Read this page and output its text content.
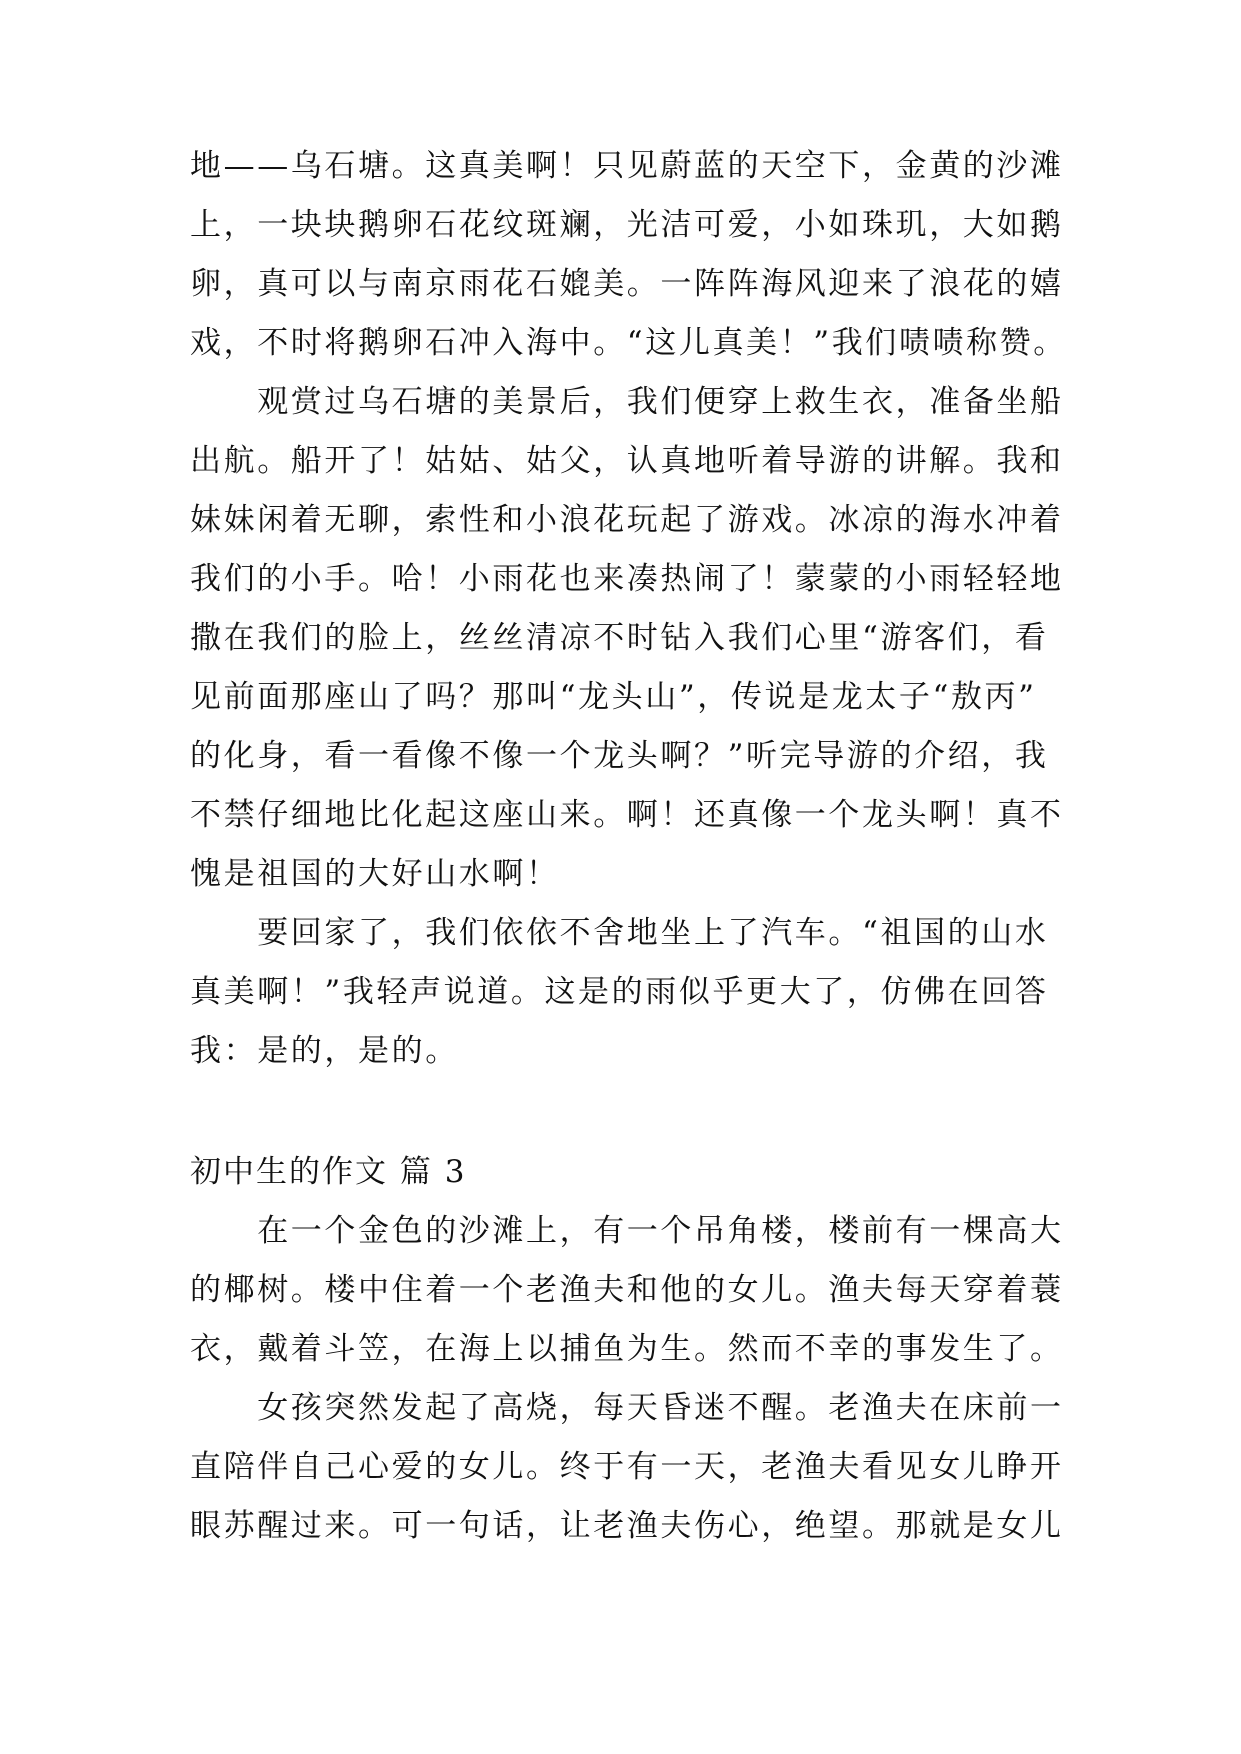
地——乌石塘。这真美啊！只见蔚蓝的天空下，金黄的沙滩
上，一块块鹅卵石花纹斑斓，光洁可爱，小如珠玑，大如鹅
卵，真可以与南京雨花石媲美。一阵阵海风迎来了浪花的嬉
戏，不时将鹅卵石冲入海中。“这儿真美！”我们啧啧称赞。
　　观赏过乌石塘的美景后，我们便穿上救生衣，准备坐船
出航。船开了！姑姑、姑父，认真地听着导游的讲解。我和
妹妹闲着无聊，索性和小浪花玩起了游戏。冰凉的海水冲着
我们的小手。哈！小雨花也来凑热闹了！蒙蒙的小雨轻轻地
撒在我们的脸上，丝丝清凉不时钻入我们心里“游客们，看
见前面那座山了吗？那叫“龙头山”，传说是龙太子“敖丙”
的化身，看一看像不像一个龙头啊？”听完导游的介绍，我
不禁仔细地比化起这座山来。啊！还真像一个龙头啊！真不
愧是祖国的大好山水啊！
　　要回家了，我们依依不舍地坐上了汽车。“祖国的山水
真美啊！”我轻声说道。这是的雨似乎更大了，仿佛在回答
我：是的，是的。
初中生的作文 篇 3
　　在一个金色的沙滩上，有一个吊角楼，楼前有一棵高大
的椰树。楼中住着一个老渔夫和他的女儿。渔夫每天穿着蓑
衣，戴着斗笠，在海上以捕鱼为生。然而不幸的事发生了。
　　女孩突然发起了高烧，每天昏迷不醒。老渔夫在床前一
直陪伴自己心爱的女儿。终于有一天，老渔夫看见女儿睁开
眼苏醒过来。可一句话，让老渔夫伤心，绝望。那就是女儿
